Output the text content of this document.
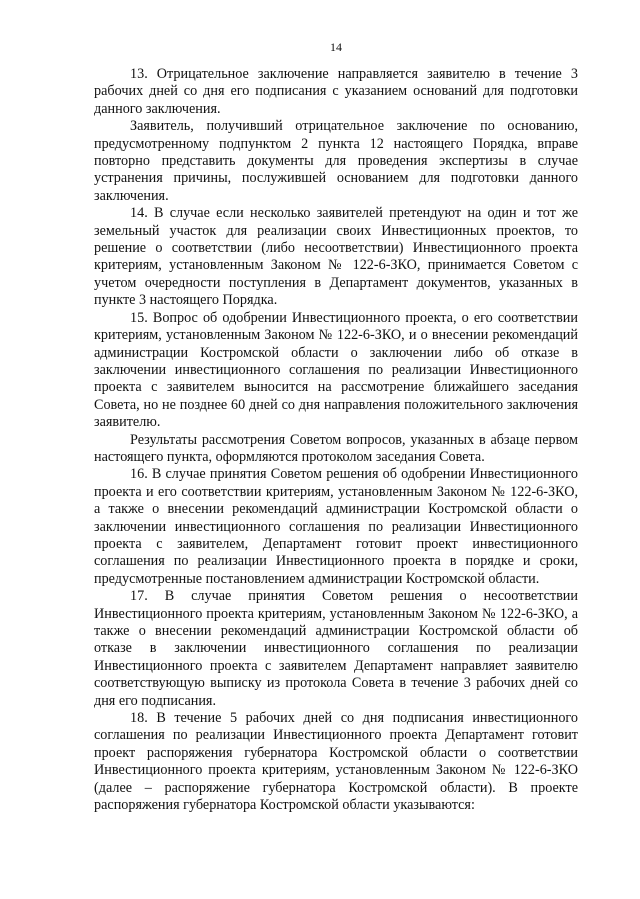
14

13. Отрицательное заключение направляется заявителю в течение 3 рабочих дней со дня его подписания с указанием оснований для подготовки данного заключения.

Заявитель, получивший отрицательное заключение по основанию, предусмотренному подпунктом 2 пункта 12 настоящего Порядка, вправе повторно представить документы для проведения экспертизы в случае устранения причины, послужившей основанием для подготовки данного заключения.

14. В случае если несколько заявителей претендуют на один и тот же земельный участок для реализации своих Инвестиционных проектов, то решение о соответствии (либо несоответствии) Инвестиционного проекта критериям, установленным Законом № 122-6-ЗКО, принимается Советом с учетом очередности поступления в Департамент документов, указанных в пункте 3 настоящего Порядка.

15. Вопрос об одобрении Инвестиционного проекта, о его соответствии критериям, установленным Законом № 122-6-ЗКО, и о внесении рекомендаций администрации Костромской области о заключении либо об отказе в заключении инвестиционного соглашения по реализации Инвестиционного проекта с заявителем выносится на рассмотрение ближайшего заседания Совета, но не позднее 60 дней со дня направления положительного заключения заявителю.

Результаты рассмотрения Советом вопросов, указанных в абзаце первом настоящего пункта, оформляются протоколом заседания Совета.

16. В случае принятия Советом решения об одобрении Инвестиционного проекта и его соответствии критериям, установленным Законом № 122-6-ЗКО, а также о внесении рекомендаций администрации Костромской области о заключении инвестиционного соглашения по реализации Инвестиционного проекта с заявителем, Департамент готовит проект инвестиционного соглашения по реализации Инвестиционного проекта в порядке и сроки, предусмотренные постановлением администрации Костромской области.

17. В случае принятия Советом решения о несоответствии Инвестиционного проекта критериям, установленным Законом № 122-6-ЗКО, а также о внесении рекомендаций администрации Костромской области об отказе в заключении инвестиционного соглашения по реализации Инвестиционного проекта с заявителем Департамент направляет заявителю соответствующую выписку из протокола Совета в течение 3 рабочих дней со дня его подписания.

18. В течение 5 рабочих дней со дня подписания инвестиционного соглашения по реализации Инвестиционного проекта Департамент готовит проект распоряжения губернатора Костромской области о соответствии Инвестиционного проекта критериям, установленным Законом № 122-6-ЗКО (далее – распоряжение губернатора Костромской области). В проекте распоряжения губернатора Костромской области указываются:
